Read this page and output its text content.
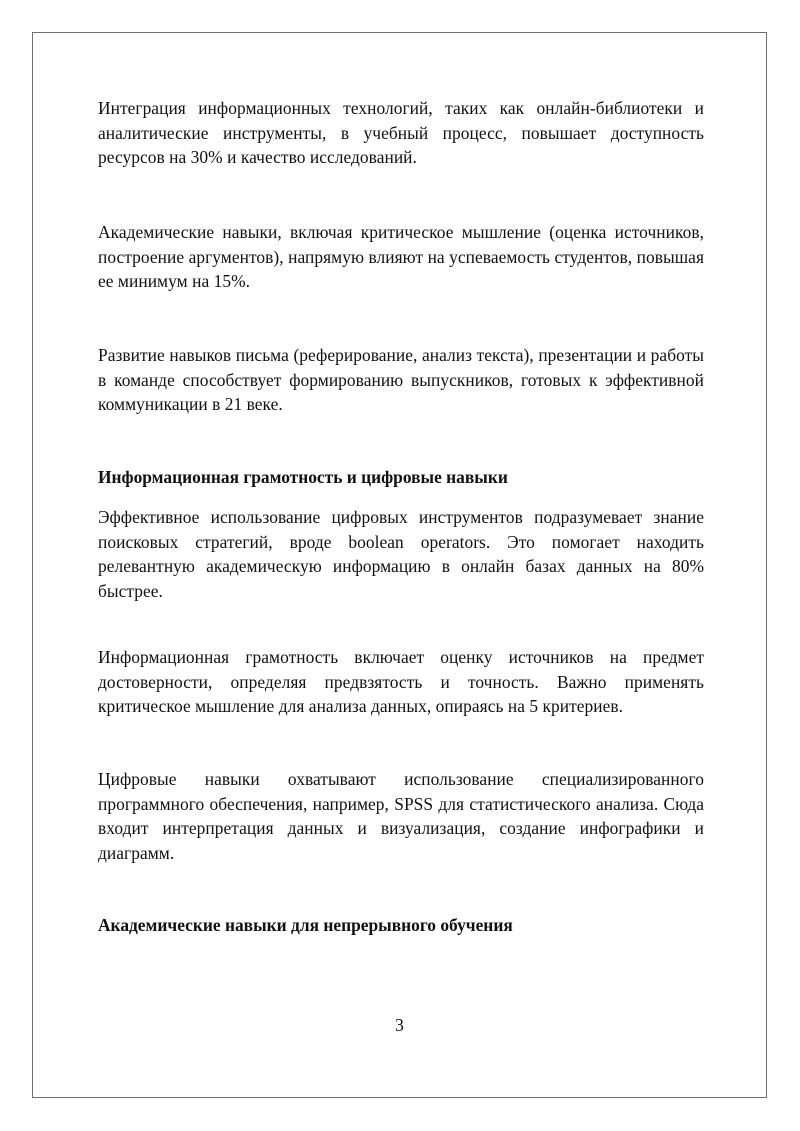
Интеграция информационных технологий, таких как онлайн-библиотеки и аналитические инструменты, в учебный процесс, повышает доступность ресурсов на 30% и качество исследований.

Академические навыки, включая критическое мышление (оценка источников, построение аргументов), напрямую влияют на успеваемость студентов, повышая ее минимум на 15%.

Развитие навыков письма (реферирование, анализ текста), презентации и работы в команде способствует формированию выпускников, готовых к эффективной коммуникации в 21 веке.

Информационная грамотность и цифровые навыки

Эффективное использование цифровых инструментов подразумевает знание поисковых стратегий, вроде boolean operators. Это помогает находить релевантную академическую информацию в онлайн базах данных на 80% быстрее.

Информационная грамотность включает оценку источников на предмет достоверности, определяя предвзятость и точность. Важно применять критическое мышление для анализа данных, опираясь на 5 критериев.

Цифровые навыки охватывают использование специализированного программного обеспечения, например, SPSS для статистического анализа. Сюда входит интерпретация данных и визуализация, создание инфографики и диаграмм.

Академические навыки для непрерывного обучения
3
